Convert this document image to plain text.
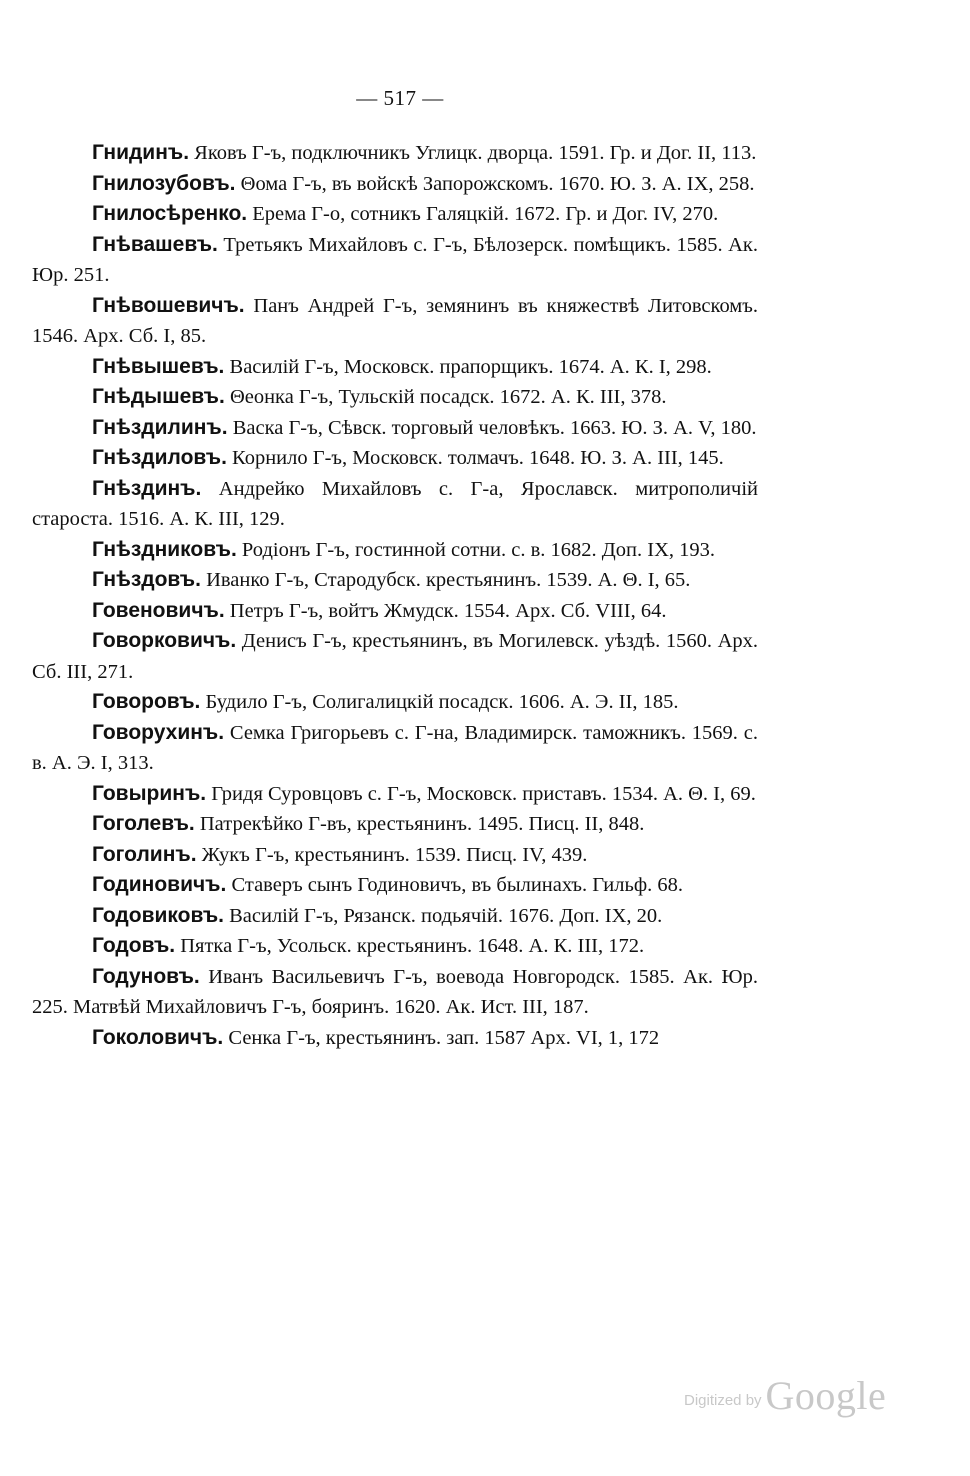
— 517 —

Гнидинъ. Яковъ Г-ъ, подключникъ Углицк. дворца. 1591. Гр. и Дог. II, 113.

Гнилозубовъ. Θома Г-ъ, въ войскѣ Запорожскомъ. 1670. Ю. З. А. IX, 258.

Гнилосѣренко. Ерема Г-о, сотникъ Галяцкій. 1672. Гр. и Дог. IV, 270.

Гнѣвашевъ. Третьякъ Михайловъ с. Г-ъ, Бѣлозерск. помѣщикъ. 1585. Ак. Юр. 251.

Гнѣвошевичъ. Панъ Андрей Г-ъ, земянинъ въ княжествѣ Литовскомъ. 1546. Арх. Сб. I, 85.

Гнѣвышевъ. Василій Г-ъ, Московск. прапорщикъ. 1674. А. К. I, 298.

Гнѣдышевъ. Θеонка Г-ъ, Тульскій посадск. 1672. А. К. III, 378.

Гнѣздилинъ. Васка Г-ъ, Сѣвск. торговый человѣкъ. 1663. Ю. З. А. V, 180.

Гнѣздиловъ. Корнило Г-ъ, Московск. толмачъ. 1648. Ю. З. А. III, 145.

Гнѣздинъ. Андрейко Михайловъ с. Г-а, Ярославск. митрополичій староста. 1516. А. К. III, 129.

Гнѣздниковъ. Родіонъ Г-ъ, гостинной сотни. с. в. 1682. Доп. IX, 193.

Гнѣздовъ. Иванко Г-ъ, Стародубск. крестьянинъ. 1539. А. Θ. I, 65.

Говеновичъ. Петръ Г-ъ, войтъ Жмудск. 1554. Арх. Сб. VIII, 64.

Говорковичъ. Денисъ Г-ъ, крестьянинъ, въ Могилевск. уѣздѣ. 1560. Арх. Сб. III, 271.

Говоровъ. Будило Г-ъ, Солигалицкій посадск. 1606. А. Э. II, 185.

Говорухинъ. Семка Григорьевъ с. Г-на, Владимирск. таможникъ. 1569. с. в. А. Э. I, 313.

Говыринъ. Гридя Суровцовъ с. Г-ъ, Московск. приставъ. 1534. А. Θ. I, 69.

Гоголевъ. Патрекѣйко Г-въ, крестьянинъ. 1495. Писц. II, 848.

Гоголинъ. Жукъ Г-ъ, крестьянинъ. 1539. Писц. IV, 439.

Годиновичъ. Ставеръ сынъ Годиновичъ, въ былинахъ. Гильф. 68.

Годовиковъ. Василій Г-ъ, Рязанск. подьячій. 1676. Доп. IX, 20.

Годовъ. Пятка Г-ъ, Усольск. крестьянинъ. 1648. А. К. III, 172.

Годуновъ. Иванъ Васильевичъ Г-ъ, воевода Новгородск. 1585. Ак. Юр. 225. Матвѣй Михайловичъ Г-ъ, бояринъ. 1620. Ак. Ист. III, 187.

Гоколовичъ. Сенка Г-ъ, крестьянинъ. зап. 1587 Арх. VI, 1, 172

Digitized by Google
